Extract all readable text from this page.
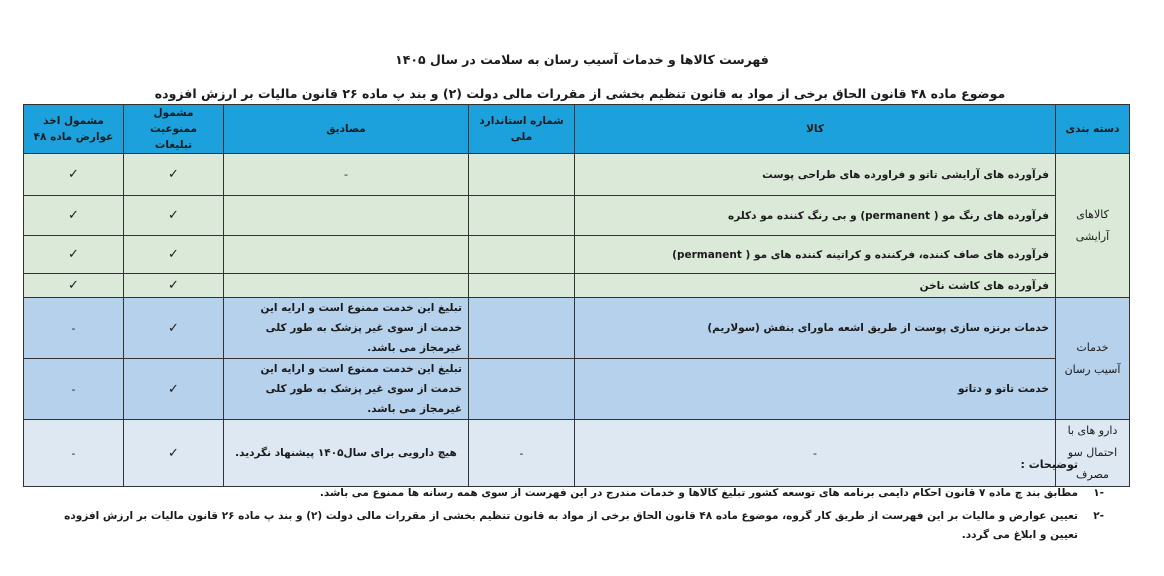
فهرست کالاها و خدمات آسیب رسان به سلامت در سال ۱۴۰۵
موضوع ماده ۴۸ قانون الحاق برخی از مواد به قانون تنظیم بخشی از مقررات مالی دولت (۲) و بند پ ماده ۲۶ قانون مالیات بر ارزش افزوده
دسته بندی	کالا	شماره استاندارد ملی	مصادیق	مشمول ممنوعیت تبلیغات	مشمول اخذ عوارض ماده ۴۸
کالاهای آرایشی	فرآورده های آرایشی تاتو و فراورده های طراحی پوست		-	✓	✓
	فرآورده های رنگ مو ( permanent) و بی رنگ کننده مو دکلره			✓	✓
	فرآورده های صاف کننده، فرکننده و کراتینه کننده های مو ( permanent)			✓	✓
	فرآورده های کاشت ناخن			✓	✓
خدمات آسیب رسان	خدمات برنزه سازی پوست از طریق اشعه ماورای بنفش (سولاریم)		تبلیغ این خدمت ممنوع است و ارایه این خدمت از سوی غیر پزشک به طور کلی غیرمجاز می باشد.	✓	-
	خدمت تاتو و دتاتو		تبلیغ این خدمت ممنوع است و ارایه این خدمت از سوی غیر پزشک به طور کلی غیرمجاز می باشد.	✓	-
دارو های با احتمال سو مصرف	-	-	هیچ دارویی برای سال۱۴۰۵ پیشنهاد نگردید.	✓	-
توضیحات :
-۱
مطابق بند چ ماده ۷ قانون احکام دایمی برنامه های توسعه کشور تبلیغ کالاها و خدمات مندرج در این فهرست از سوی همه رسانه ها ممنوع می باشد.
-۲
تعیین عوارض و مالیات بر این فهرست از طریق کار گروه، موضوع ماده ۴۸ قانون الحاق برخی از مواد به قانون تنظیم بخشی از مقررات مالی دولت (۲) و بند پ ماده ۲۶ قانون مالیات بر ارزش افزوده تعیین و ابلاغ می گردد.
